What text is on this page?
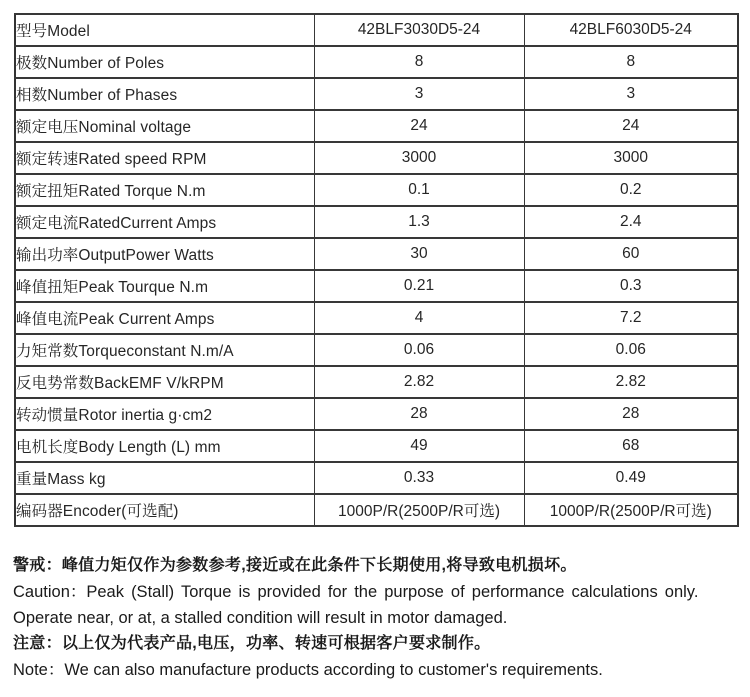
型号Model	42BLF3030D5-24	42BLF6030D5-24
极数Number of Poles	8	8
相数Number of Phases	3	3
额定电压Nominal voltage	24	24
额定转速Rated speed RPM	3000	3000
额定扭矩Rated Torque N.m	0.1	0.2
额定电流RatedCurrent Amps	1.3	2.4
输出功率OutputPower Watts	30	60
峰值扭矩Peak Tourque N.m	0.21	0.3
峰值电流Peak Current Amps	4	7.2
力矩常数Torqueconstant N.m/A	0.06	0.06
反电势常数BackEMF V/kRPM	2.82	2.82
转动惯量Rotor inertia g·cm2	28	28
电机长度Body Length (L) mm	49	68
重量Mass kg	0.33	0.49
编码器Encoder(可选配)	1000P/R(2500P/R可选)	1000P/R(2500P/R可选)

警戒：峰值力矩仅作为参数参考,接近或在此条件下长期使用,将导致电机损坏。

Caution：Peak (Stall) Torque is provided for the purpose of performance calculations only.

Operate near, or at, a stalled condition will result in motor damaged.

注意：以上仅为代表产品,电压，功率、转速可根据客户要求制作。

Note：We can also manufacture products according to customer's requirements.
